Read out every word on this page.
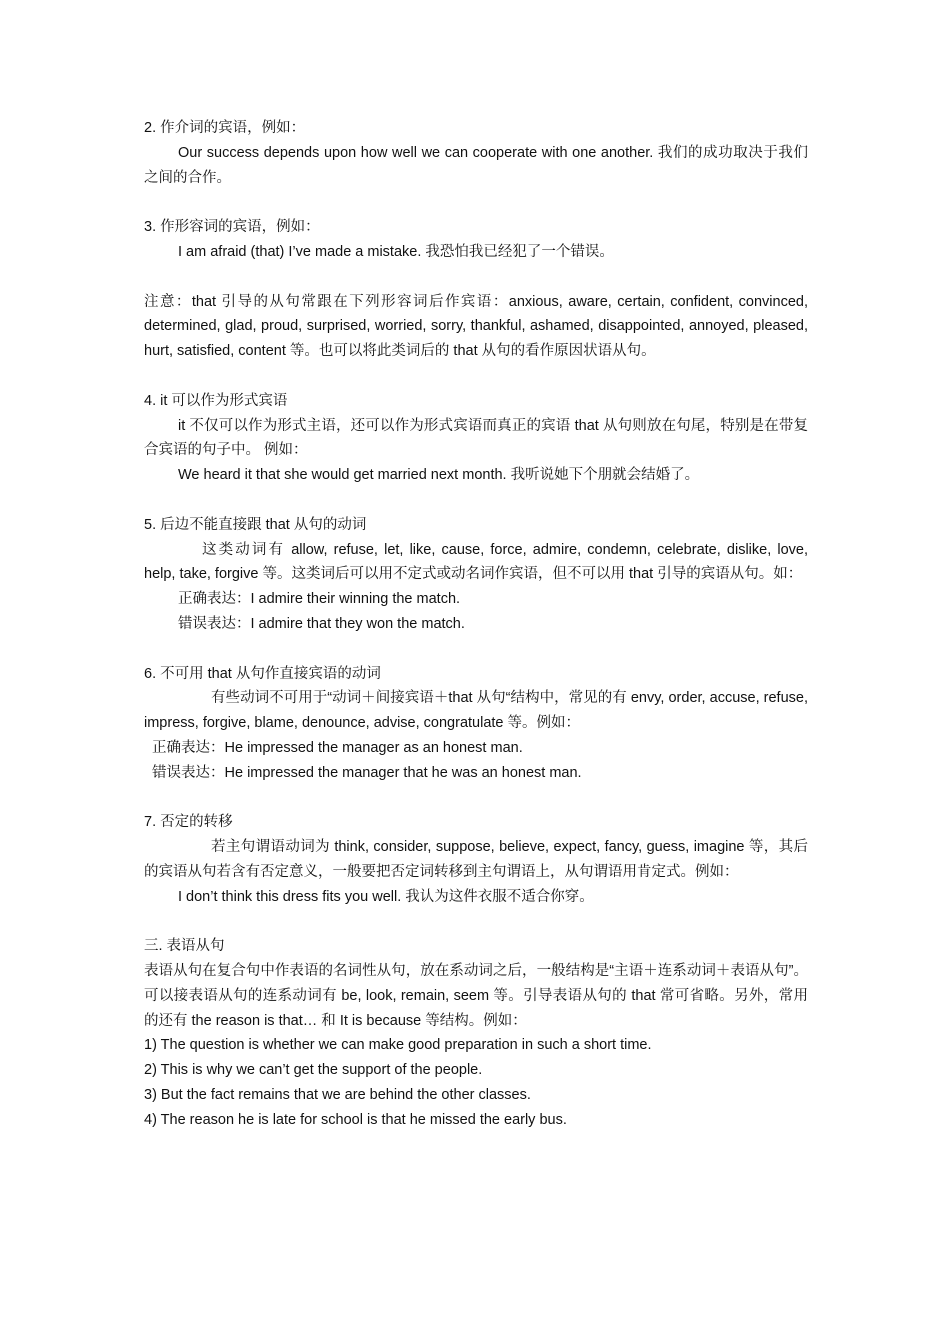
2. 作介词的宾语，例如：

Our success depends upon how well we can cooperate with one another. 我们的成功取决于我们之间的合作。

3. 作形容词的宾语，例如：

I am afraid (that) I’ve made a mistake. 我恐怕我已经犯了一个错误。

注意：that 引导的从句常跟在下列形容词后作宾语：anxious, aware, certain, confident, convinced, determined, glad, proud, surprised, worried, sorry, thankful, ashamed, disappointed, annoyed, pleased, hurt, satisfied, content 等。也可以将此类词后的 that 从句的看作原因状语从句。

4. it 可以作为形式宾语

it 不仅可以作为形式主语，还可以作为形式宾语而真正的宾语 that 从句则放在句尾，特别是在带复合宾语的句子中。 例如：

We heard it that she would get married next month. 我听说她下个朋就会结婚了。

5. 后边不能直接跟 that 从句的动词

这类动词有 allow, refuse, let, like, cause, force, admire, condemn, celebrate, dislike, love, help, take, forgive 等。这类词后可以用不定式或动名词作宾语，但不可以用 that 引导的宾语从句。如：

正确表达：I admire their winning the match.

错误表达：I admire that they won the match.

6. 不可用 that 从句作直接宾语的动词

有些动词不可用于“动词＋间接宾语＋that 从句“结构中，常见的有 envy, order, accuse, refuse, impress, forgive, blame, denounce, advise, congratulate 等。例如：

正确表达：He impressed the manager as an honest man.

错误表达：He impressed the manager that he was an honest man.

7. 否定的转移

若主句谓语动词为 think, consider, suppose, believe, expect, fancy, guess, imagine 等，其后的宾语从句若含有否定意义，一般要把否定词转移到主句谓语上，从句谓语用肯定式。例如：

I don’t think this dress fits you well. 我认为这件衣服不适合你穿。

三. 表语从句

表语从句在复合句中作表语的名词性从句，放在系动词之后，一般结构是“主语＋连系动词＋表语从句”。可以接表语从句的连系动词有 be, look, remain, seem 等。引导表语从句的 that 常可省略。另外，常用的还有 the reason is that… 和 It is because 等结构。例如：

1) The question is whether we can make good preparation in such a short time.

2) This is why we can’t get the support of the people.

3) But the fact remains that we are behind the other classes.

4) The reason he is late for school is that he missed the early bus.
